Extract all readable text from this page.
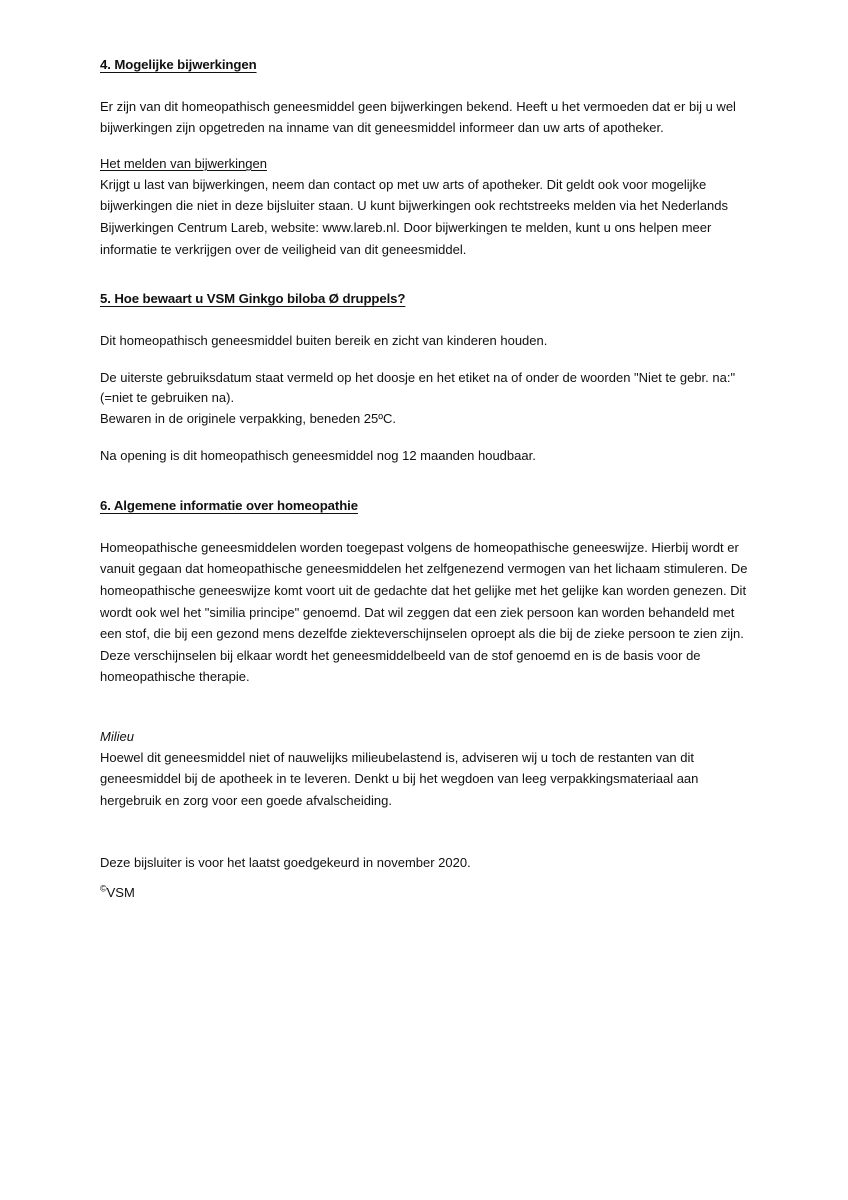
4. Mogelijke bijwerkingen

Er zijn van dit homeopathisch geneesmiddel geen bijwerkingen bekend. Heeft u het vermoeden dat er bij u wel bijwerkingen zijn opgetreden na inname van dit geneesmiddel informeer dan uw arts of apotheker.

Het melden van bijwerkingen

Krijgt u last van bijwerkingen, neem dan contact op met uw arts of apotheker. Dit geldt ook voor mogelijke bijwerkingen die niet in deze bijsluiter staan. U kunt bijwerkingen ook rechtstreeks melden via het Nederlands Bijwerkingen Centrum Lareb, website: www.lareb.nl. Door bijwerkingen te melden, kunt u ons helpen meer informatie te verkrijgen over de veiligheid van dit geneesmiddel.

5. Hoe bewaart u VSM Ginkgo biloba Ø druppels?

Dit homeopathisch geneesmiddel buiten bereik en zicht van kinderen houden.

De uiterste gebruiksdatum staat vermeld op het doosje en het etiket na of onder de woorden "Niet te gebr. na:" (=niet te gebruiken na).

Bewaren in de originele verpakking, beneden 25ºC.

Na opening is dit homeopathisch geneesmiddel nog 12 maanden houdbaar.

6. Algemene informatie over homeopathie

Homeopathische geneesmiddelen worden toegepast volgens de homeopathische geneeswijze. Hierbij wordt er vanuit gegaan dat homeopathische geneesmiddelen het zelfgenezend vermogen van het lichaam stimuleren. De homeopathische geneeswijze komt voort uit de gedachte dat het gelijke met het gelijke kan worden genezen. Dit wordt ook wel het "similia principe" genoemd. Dat wil zeggen dat een ziek persoon kan worden behandeld met een stof, die bij een gezond mens dezelfde ziekteverschijnselen oproept als die bij de zieke persoon te zien zijn. Deze verschijnselen bij elkaar wordt het geneesmiddelbeeld van de stof genoemd en is de basis voor de homeopathische therapie.

Milieu

Hoewel dit geneesmiddel niet of nauwelijks milieubelastend is, adviseren wij u toch de restanten van dit geneesmiddel bij de apotheek in te leveren. Denkt u bij het wegdoen van leeg verpakkingsmateriaal aan hergebruik en zorg voor een goede afvalscheiding.

Deze bijsluiter is voor het laatst goedgekeurd in november 2020.

©VSM
